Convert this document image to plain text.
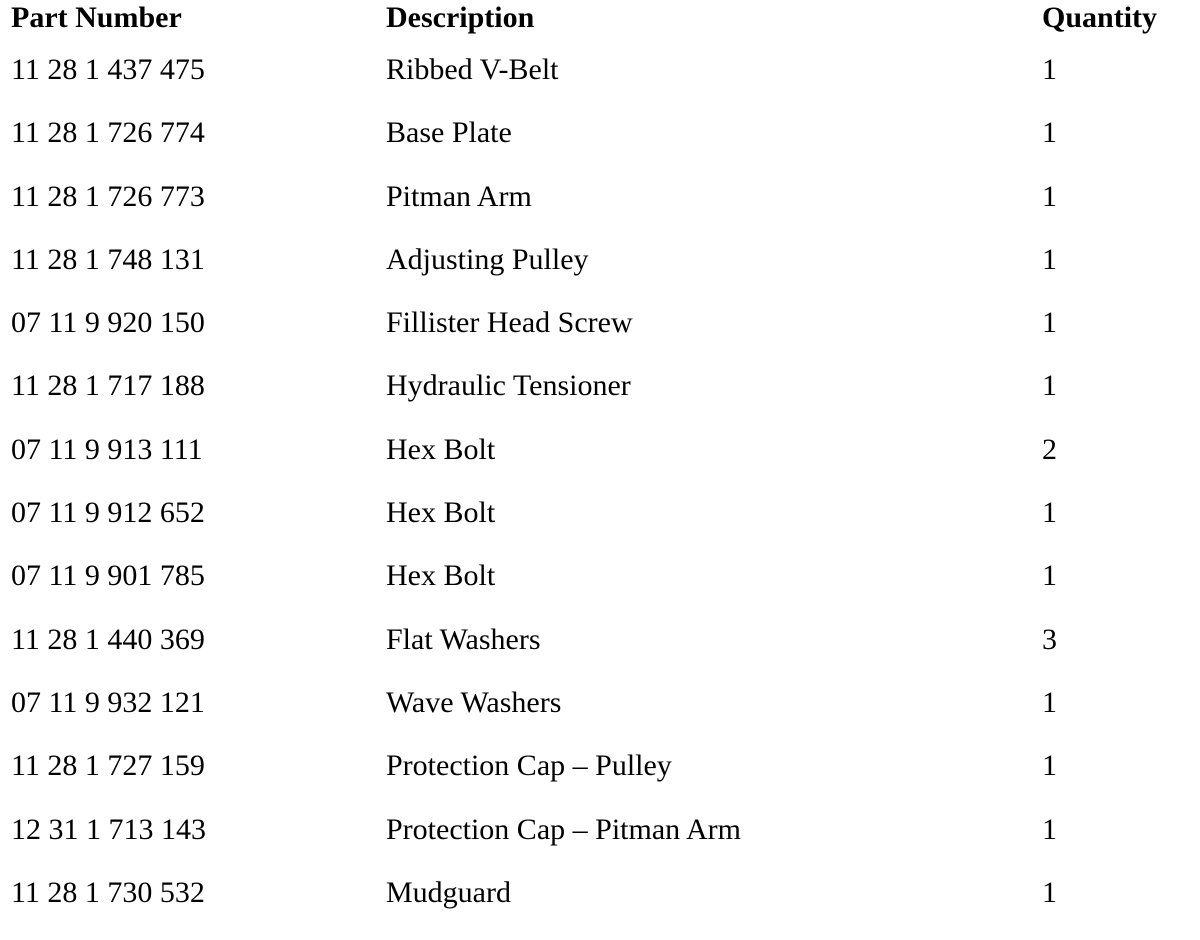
Part Number	Description	Quantity
11 28 1 437 475	Ribbed V-Belt	1
11 28 1 726 774	Base Plate	1
11 28 1 726 773	Pitman Arm	1
11 28 1 748 131	Adjusting Pulley	1
07 11 9 920 150	Fillister Head Screw	1
11 28 1 717 188	Hydraulic Tensioner	1
07 11 9 913 111	Hex Bolt	2
07 11 9 912 652	Hex Bolt	1
07 11 9 901 785	Hex Bolt	1
11 28 1 440 369	Flat Washers	3
07 11 9 932 121	Wave Washers	1
11 28 1 727 159	Protection Cap – Pulley	1
12 31 1 713 143	Protection Cap – Pitman Arm	1
11 28 1 730 532	Mudguard	1
